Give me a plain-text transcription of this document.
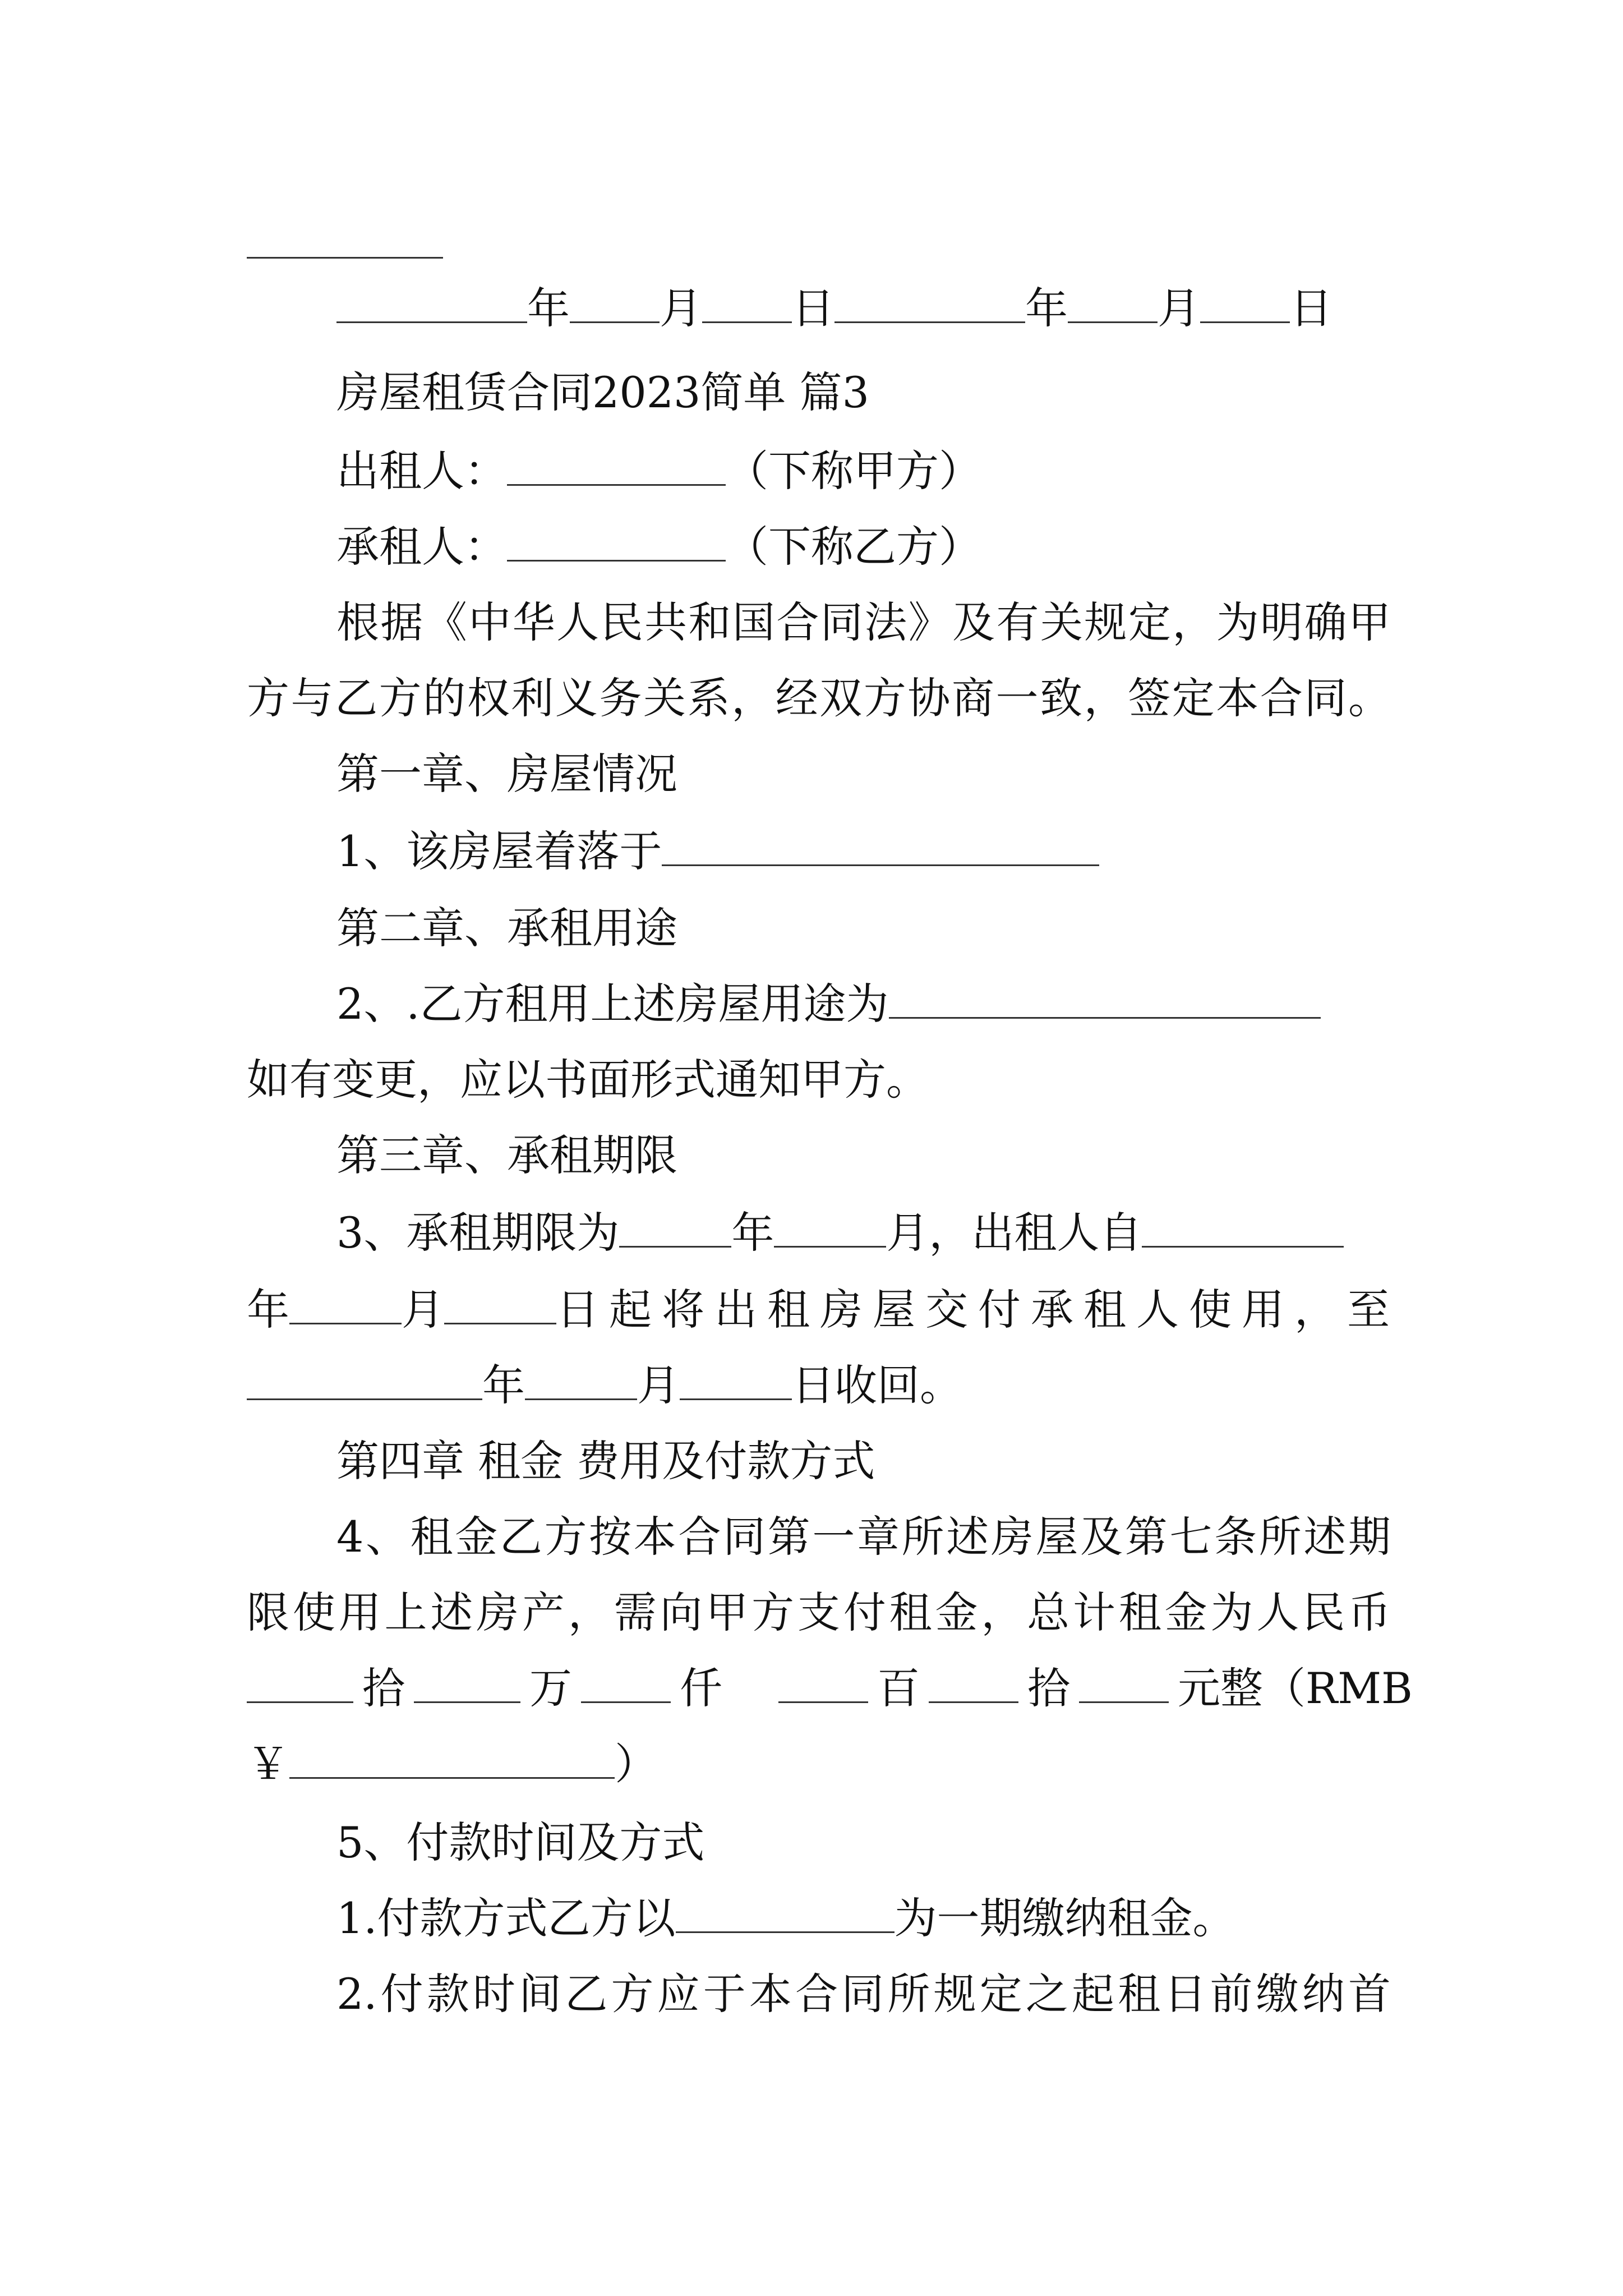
年 月 日	年 月 日
房屋租赁合同2023简单 篇3
出租人：	（下称甲方）
承租人：	（下称乙方）
根据《中华人民共和国合同法》及有关规定，为明确甲
方与乙方的权利义务关系，经双方协商一致，签定本合同。
第一章、房屋情况
1、该房屋着落于
第二章、承租用途
2、.乙方租用上述房屋用途为
如有变更，应以书面形式通知甲方。
第三章、承租期限
3、承租期限为	年	月，出租人自
年	月	日起将出租房屋交付承租人使用，至
年	月	日收回。
第四章 租金 费用及付款方式
4、租金乙方按本合同第一章所述房屋及第七条所述期
限使用上述房产，需向甲方支付租金，总计租金为人民币
拾	万	仟	百	拾	元整（RMB
￥	）
5、付款时间及方式
1.付款方式乙方以	为一期缴纳租金。
2.付款时间乙方应于本合同所规定之起租日前缴纳首
